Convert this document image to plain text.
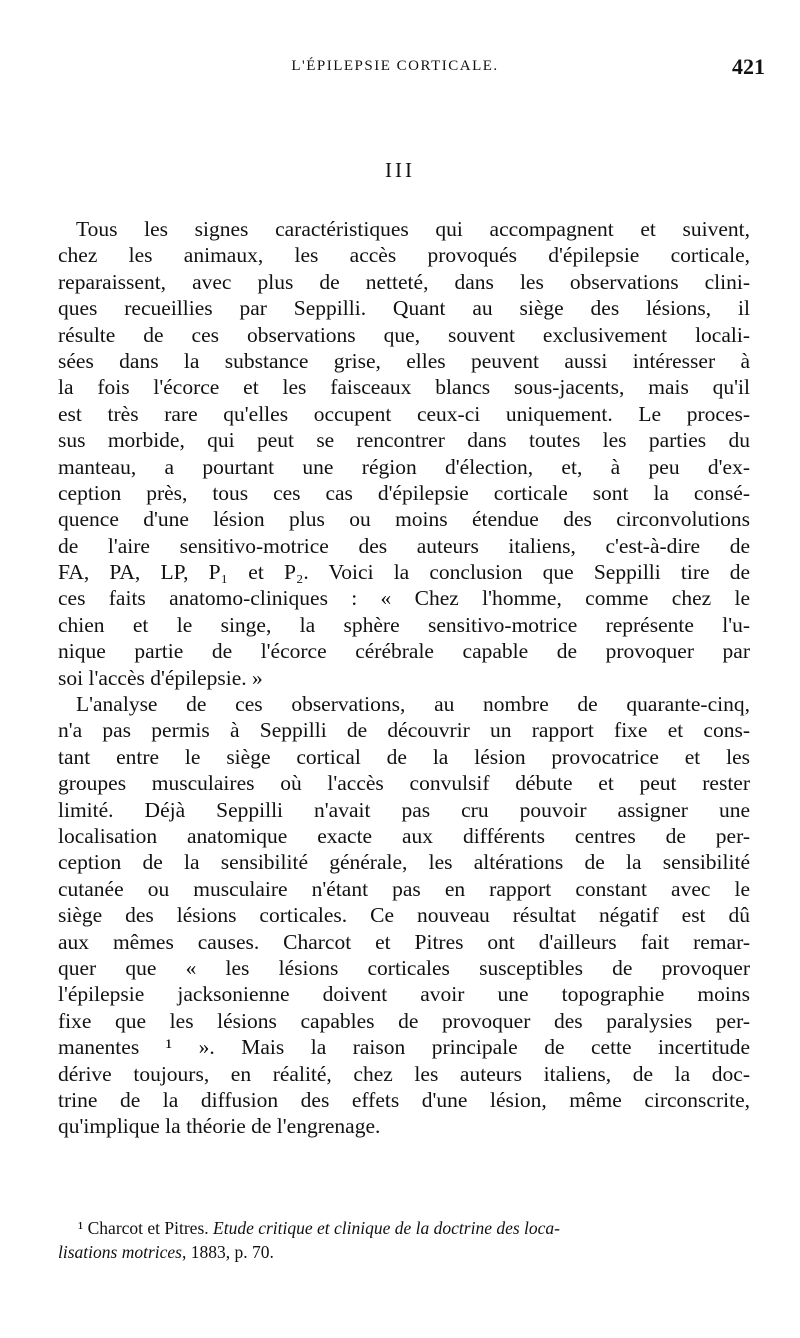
L'ÉPILEPSIE CORTICALE.	421
III
Tous les signes caractéristiques qui accompagnent et suivent,
chez les animaux, les accès provoqués d'épilepsie corticale,
reparaissent, avec plus de netteté, dans les observations clini-
ques recueillies par Seppilli. Quant au siège des lésions, il
résulte de ces observations que, souvent exclusivement locali-
sées dans la substance grise, elles peuvent aussi intéresser à
la fois l'écorce et les faisceaux blancs sous-jacents, mais qu'il
est très rare qu'elles occupent ceux-ci uniquement. Le proces-
sus morbide, qui peut se rencontrer dans toutes les parties du
manteau, a pourtant une région d'élection, et, à peu d'ex-
ception près, tous ces cas d'épilepsie corticale sont la consé-
quence d'une lésion plus ou moins étendue des circonvolutions
de l'aire sensitivo-motrice des auteurs italiens, c'est-à-dire de
FA, PA, LP, P₁ et P₂. Voici la conclusion que Seppilli tire de
ces faits anatomo-cliniques : « Chez l'homme, comme chez le
chien et le singe, la sphère sensitivo-motrice représente l'u-
nique partie de l'écorce cérébrale capable de provoquer par
soi l'accès d'épilepsie. »
L'analyse de ces observations, au nombre de quarante-cinq,
n'a pas permis à Seppilli de découvrir un rapport fixe et cons-
tant entre le siège cortical de la lésion provocatrice et les
groupes musculaires où l'accès convulsif débute et peut rester
limité. Déjà Seppilli n'avait pas cru pouvoir assigner une
localisation anatomique exacte aux différents centres de per-
ception de la sensibilité générale, les altérations de la sensibilité
cutanée ou musculaire n'étant pas en rapport constant avec le
siège des lésions corticales. Ce nouveau résultat négatif est dû
aux mêmes causes. Charcot et Pitres ont d'ailleurs fait remar-
quer que « les lésions corticales susceptibles de provoquer
l'épilepsie jacksonienne doivent avoir une topographie moins
fixe que les lésions capables de provoquer des paralysies per-
manentes ¹ ». Mais la raison principale de cette incertitude
dérive toujours, en réalité, chez les auteurs italiens, de la doc-
trine de la diffusion des effets d'une lésion, même circonscrite,
qu'implique la théorie de l'engrenage.
¹ Charcot et Pitres. Etude critique et clinique de la doctrine des loca-
lisations motrices, 1883, p. 70.
